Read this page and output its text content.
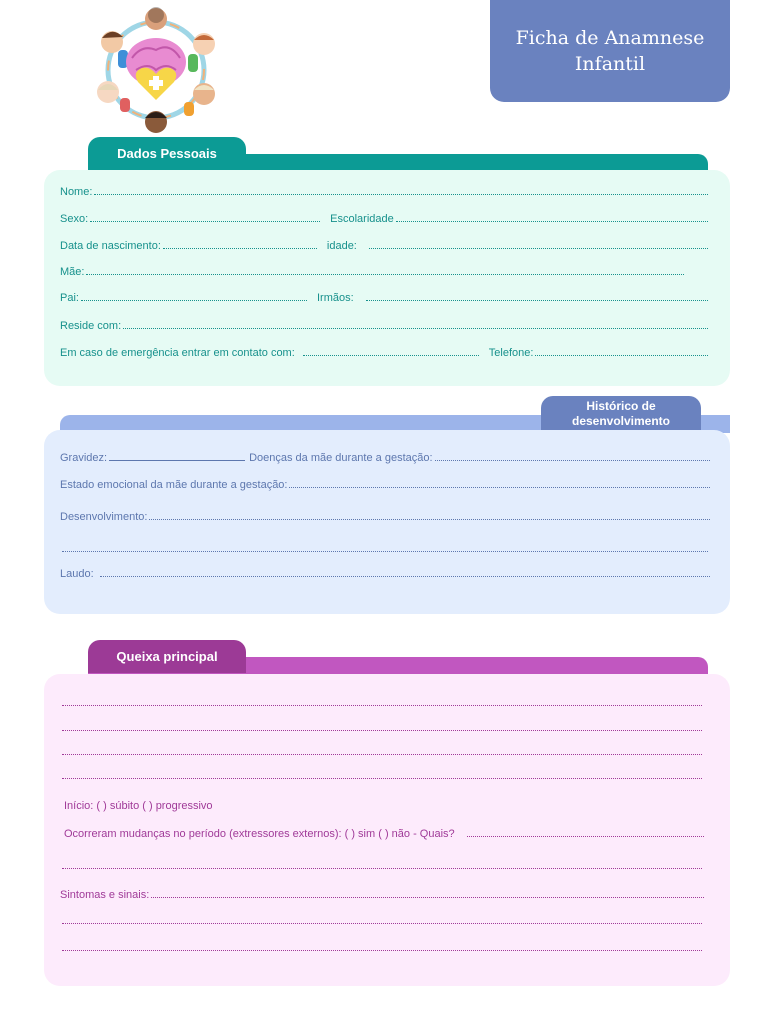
Ficha de Anamnese
Infantil
Dados Pessoais
Nome:
Sexo:	Escolaridade
Data de nascimento:	idade:
Mãe:
Pai:	Irmãos:
Reside com:
Em caso de emergência entrar em contato com:	Telefone:
Histórico de
desenvolvimento
Gravidez:	Doenças da mãe durante a gestação:
Estado emocional da mãe durante a gestação:
Desenvolvimento:
Laudo:
Queixa principal
Início: ( ) súbito ( ) progressivo
Ocorreram mudanças no período (extressores externos): ( ) sim ( ) não - Quais?
Sintomas e sinais:
